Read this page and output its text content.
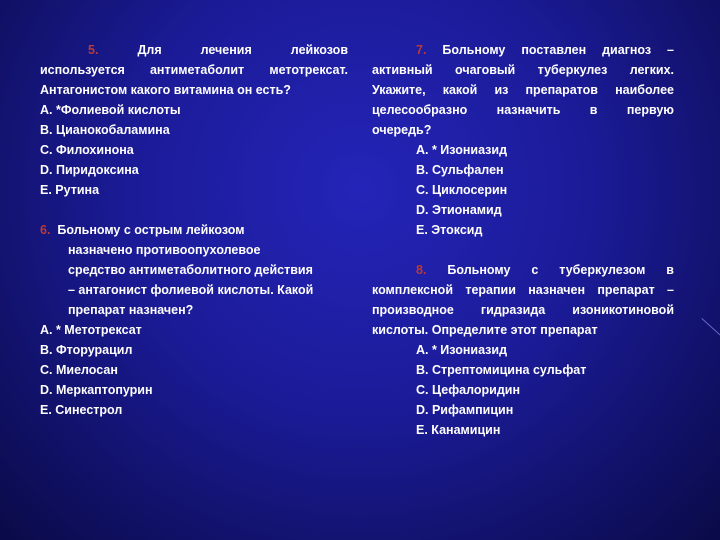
5.	Для лечения лейкозов

используется антиметаболит метотрексат.

Антагонистом какого витамина он есть?

A. *Фолиевой кислоты

B. Цианокобаламина

C. Филохинона

D. Пиридоксина

E. Рутина

6. Больному с острым лейкозом

назначено противоопухолевое

средство антиметаболитного действия

– антагонист фолиевой кислоты. Какой

препарат назначен?

A. * Метотрексат

B. Фторурацил

C. Миелосан

D. Меркаптопурин

E. Синестрол

7. Больному поставлен диагноз –

активный очаговый туберкулез легких.

Укажите, какой из препаратов наиболее

целесообразно назначить в первую

очередь?

A. * Изониазид

B. Сульфален

C. Циклосерин

D. Этионамид

E. Этоксид

8. Больному с туберкулезом в

комплексной терапии назначен препарат –

производное гидразида изоникотиновой

кислоты. Определите этот препарат

A. * Изониазид

B. Стрептомицина сульфат

C. Цефалоридин

D. Рифампицин

E. Канамицин
